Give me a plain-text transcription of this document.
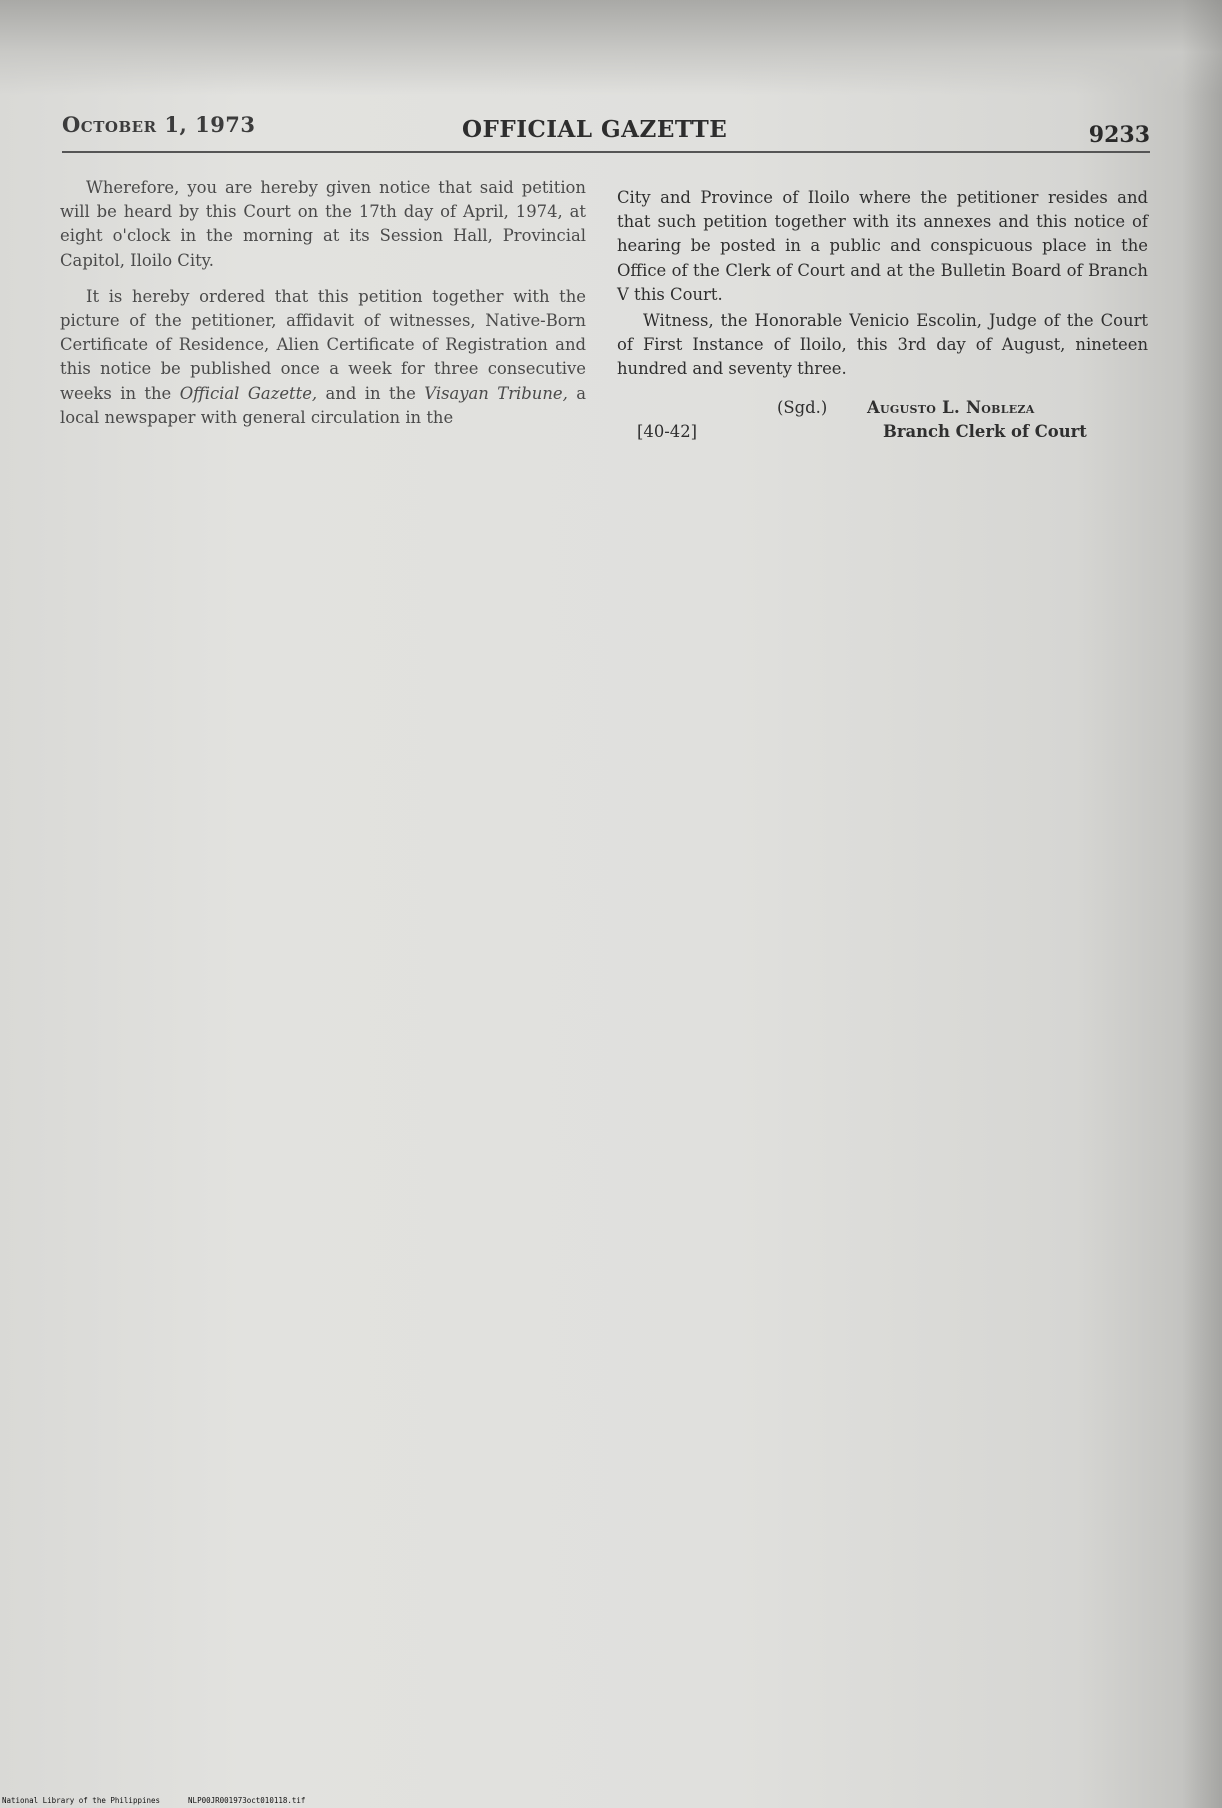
October 1, 1973	OFFICIAL GAZETTE	9233

Wherefore, you are hereby given notice that said petition will be heard by this Court on the 17th day of April, 1974, at eight o'clock in the morning at its Session Hall, Provincial Capitol, Iloilo City.

It is hereby ordered that this petition together with the picture of the petitioner, affidavit of witnesses, Native-Born Certificate of Residence, Alien Certificate of Registration and this notice be published once a week for three consecutive weeks in the Official Gazette, and in the Visayan Tribune, a local newspaper with general circulation in the

City and Province of Iloilo where the petitioner resides and that such petition together with its annexes and this notice of hearing be posted in a public and conspicuous place in the Office of the Clerk of Court and at the Bulletin Board of Branch V this Court.

Witness, the Honorable Venicio Escolin, Judge of the Court of First Instance of Iloilo, this 3rd day of August, nineteen hundred and seventy three.

(Sgd.) Augusto L. Nobleza
[40-42]	Branch Clerk of Court
National Library of the Philippines	NLP00JR001973oct010118.tif
